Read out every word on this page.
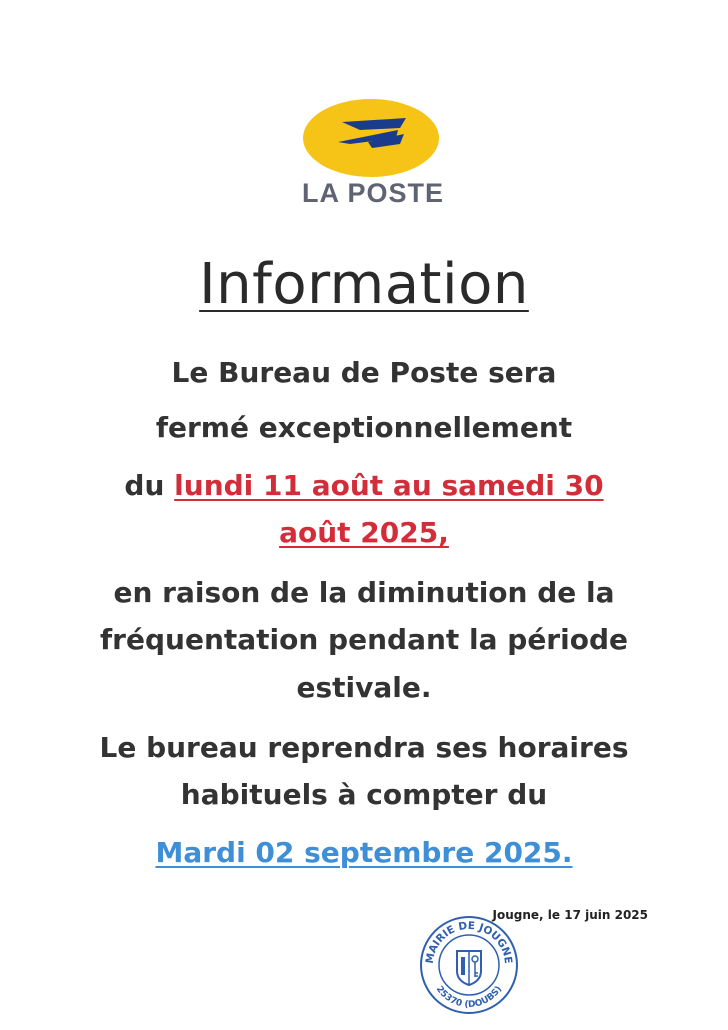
LA POSTE
Information
Le Bureau de Poste sera
fermé exceptionnellement
du lundi 11 août au samedi 30
août 2025,
en raison de la diminution de la
fréquentation pendant la période
estivale.
Le bureau reprendra ses horaires
habituels à compter du
Mardi 02 septembre 2025.
Jougne, le 17 juin 2025
MAIRIE DE JOUGNE
25370 (DOUBS)
